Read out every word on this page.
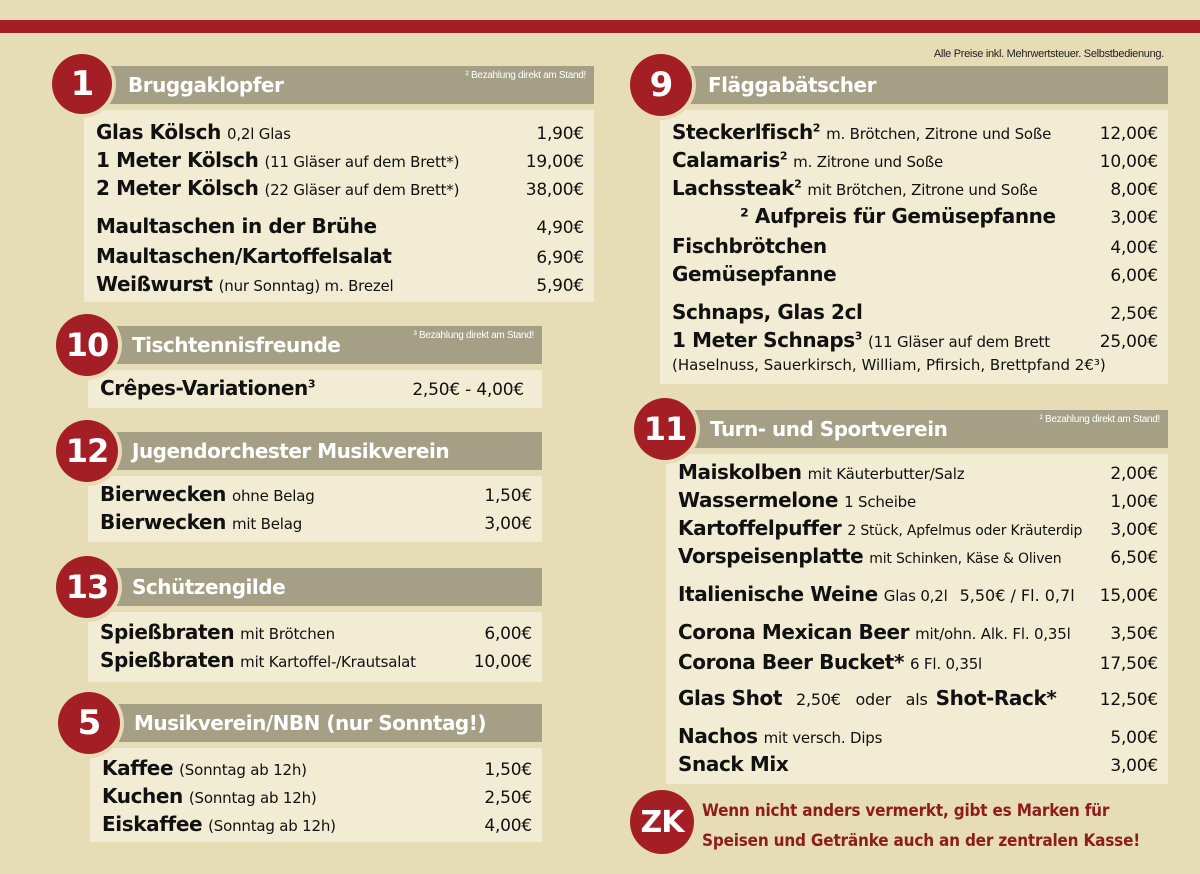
Alle Preise inkl. Mehrwertsteuer. Selbstbedienung.
1	Bruggaklopfer	² Bezahlung direkt am Stand!
Glas Kölsch 0,2l Glas	1,90€
1 Meter Kölsch (11 Gläser auf dem Brett*)	19,00€
2 Meter Kölsch (22 Gläser auf dem Brett*)	38,00€
Maultaschen in der Brühe	4,90€
Maultaschen/Kartoffelsalat	6,90€
Weißwurst (nur Sonntag) m. Brezel	5,90€
10	Tischtennisfreunde	³ Bezahlung direkt am Stand!
Crêpes-Variationen$^3$	2,50€ - 4,00€
12	Jugendorchester Musikverein
Bierwecken ohne Belag	1,50€
Bierwecken mit Belag	3,00€
13	Schützengilde
Spießbraten mit Brötchen	6,00€
Spießbraten mit Kartoffel-/Krautsalat	10,00€
5	Musikverein/NBN (nur Sonntag!)
Kaffee (Sonntag ab 12h)	1,50€
Kuchen (Sonntag ab 12h)	2,50€
Eiskaffee (Sonntag ab 12h)	4,00€
9	Fläggabätscher
Steckerlfisch$^2$ m. Brötchen, Zitrone und Soße	12,00€
Calamaris$^2$ m. Zitrone und Soße	10,00€
Lachssteak$^2$ mit Brötchen, Zitrone und Soße	8,00€
² Aufpreis für Gemüsepfanne	3,00€
Fischbrötchen	4,00€
Gemüsepfanne	6,00€
Schnaps, Glas 2cl	2,50€
1 Meter Schnaps$^3$ (11 Gläser auf dem Brett	25,00€
(Haselnuss, Sauerkirsch, William, Pfirsich, Brettpfand 2€³)
11	Turn- und Sportverein	² Bezahlung direkt am Stand!
Maiskolben mit Käuterbutter/Salz	2,00€
Wassermelone 1 Scheibe	1,00€
Kartoffelpuffer 2 Stück, Apfelmus oder Kräuterdip 3,00€
Vorspeisenplatte mit Schinken, Käse & Oliven	6,50€
Italienische Weine Glas 0,2l 5,50€ / Fl. 0,7l 15,00€
Corona Mexican Beer mit/ohn. Alk. Fl. 0,35l 3,50€
Corona Beer Bucket* 6 Fl. 0,35l	17,50€
Glas Shot 2,50€   oder   als Shot-Rack*	12,50€
Nachos mit versch. Dips	5,00€
Snack Mix	3,00€
ZK	Wenn nicht anders vermerkt, gibt es Marken für
Speisen und Getränke auch an der zentralen Kasse!
